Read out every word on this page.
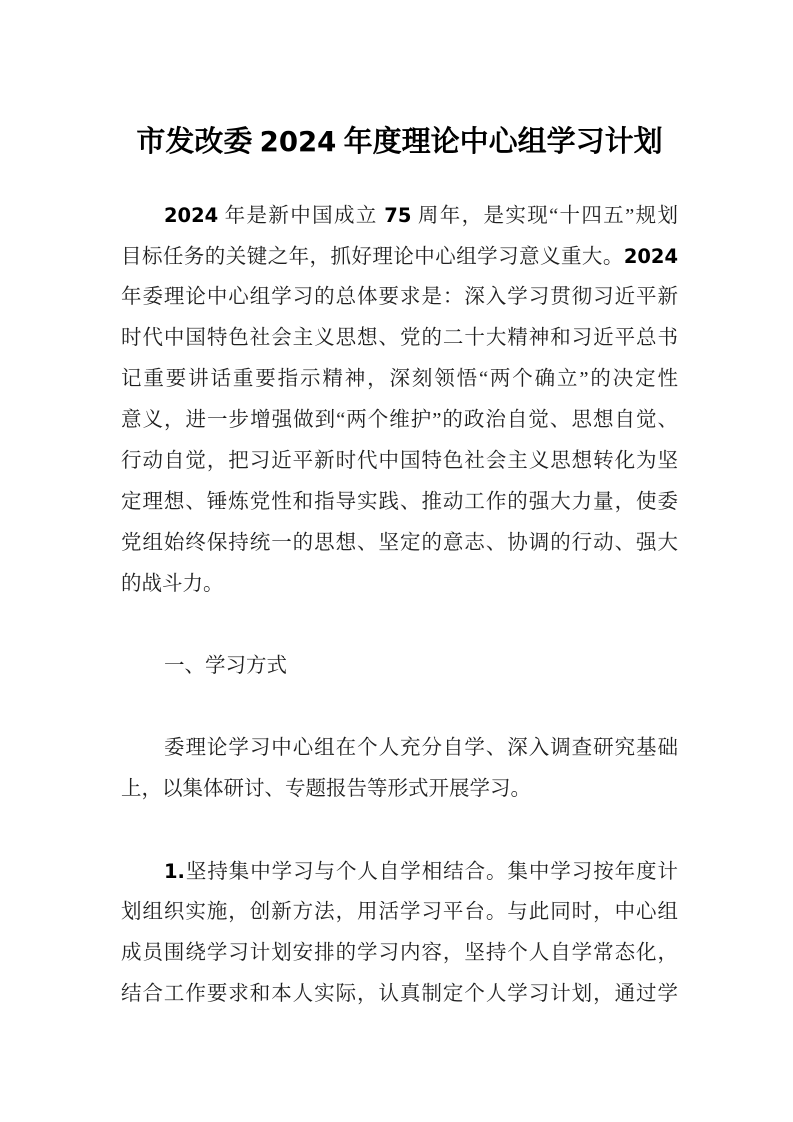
市发改委 2024 年度理论中心组学习计划
2024 年是新中国成立 75 周年，是实现“十四五”规划
目标任务的关键之年，抓好理论中心组学习意义重大。2024
年委理论中心组学习的总体要求是：深入学习贯彻习近平新
时代中国特色社会主义思想、党的二十大精神和习近平总书
记重要讲话重要指示精神，深刻领悟“两个确立”的决定性
意义，进一步增强做到“两个维护”的政治自觉、思想自觉、
行动自觉，把习近平新时代中国特色社会主义思想转化为坚
定理想、锤炼党性和指导实践、推动工作的强大力量，使委
党组始终保持统一的思想、坚定的意志、协调的行动、强大
的战斗力。
一、学习方式
委理论学习中心组在个人充分自学、深入调查研究基础
上，以集体研讨、专题报告等形式开展学习。
1.坚持集中学习与个人自学相结合。集中学习按年度计
划组织实施，创新方法，用活学习平台。与此同时，中心组
成员围绕学习计划安排的学习内容，坚持个人自学常态化，
结合工作要求和本人实际，认真制定个人学习计划，通过学
